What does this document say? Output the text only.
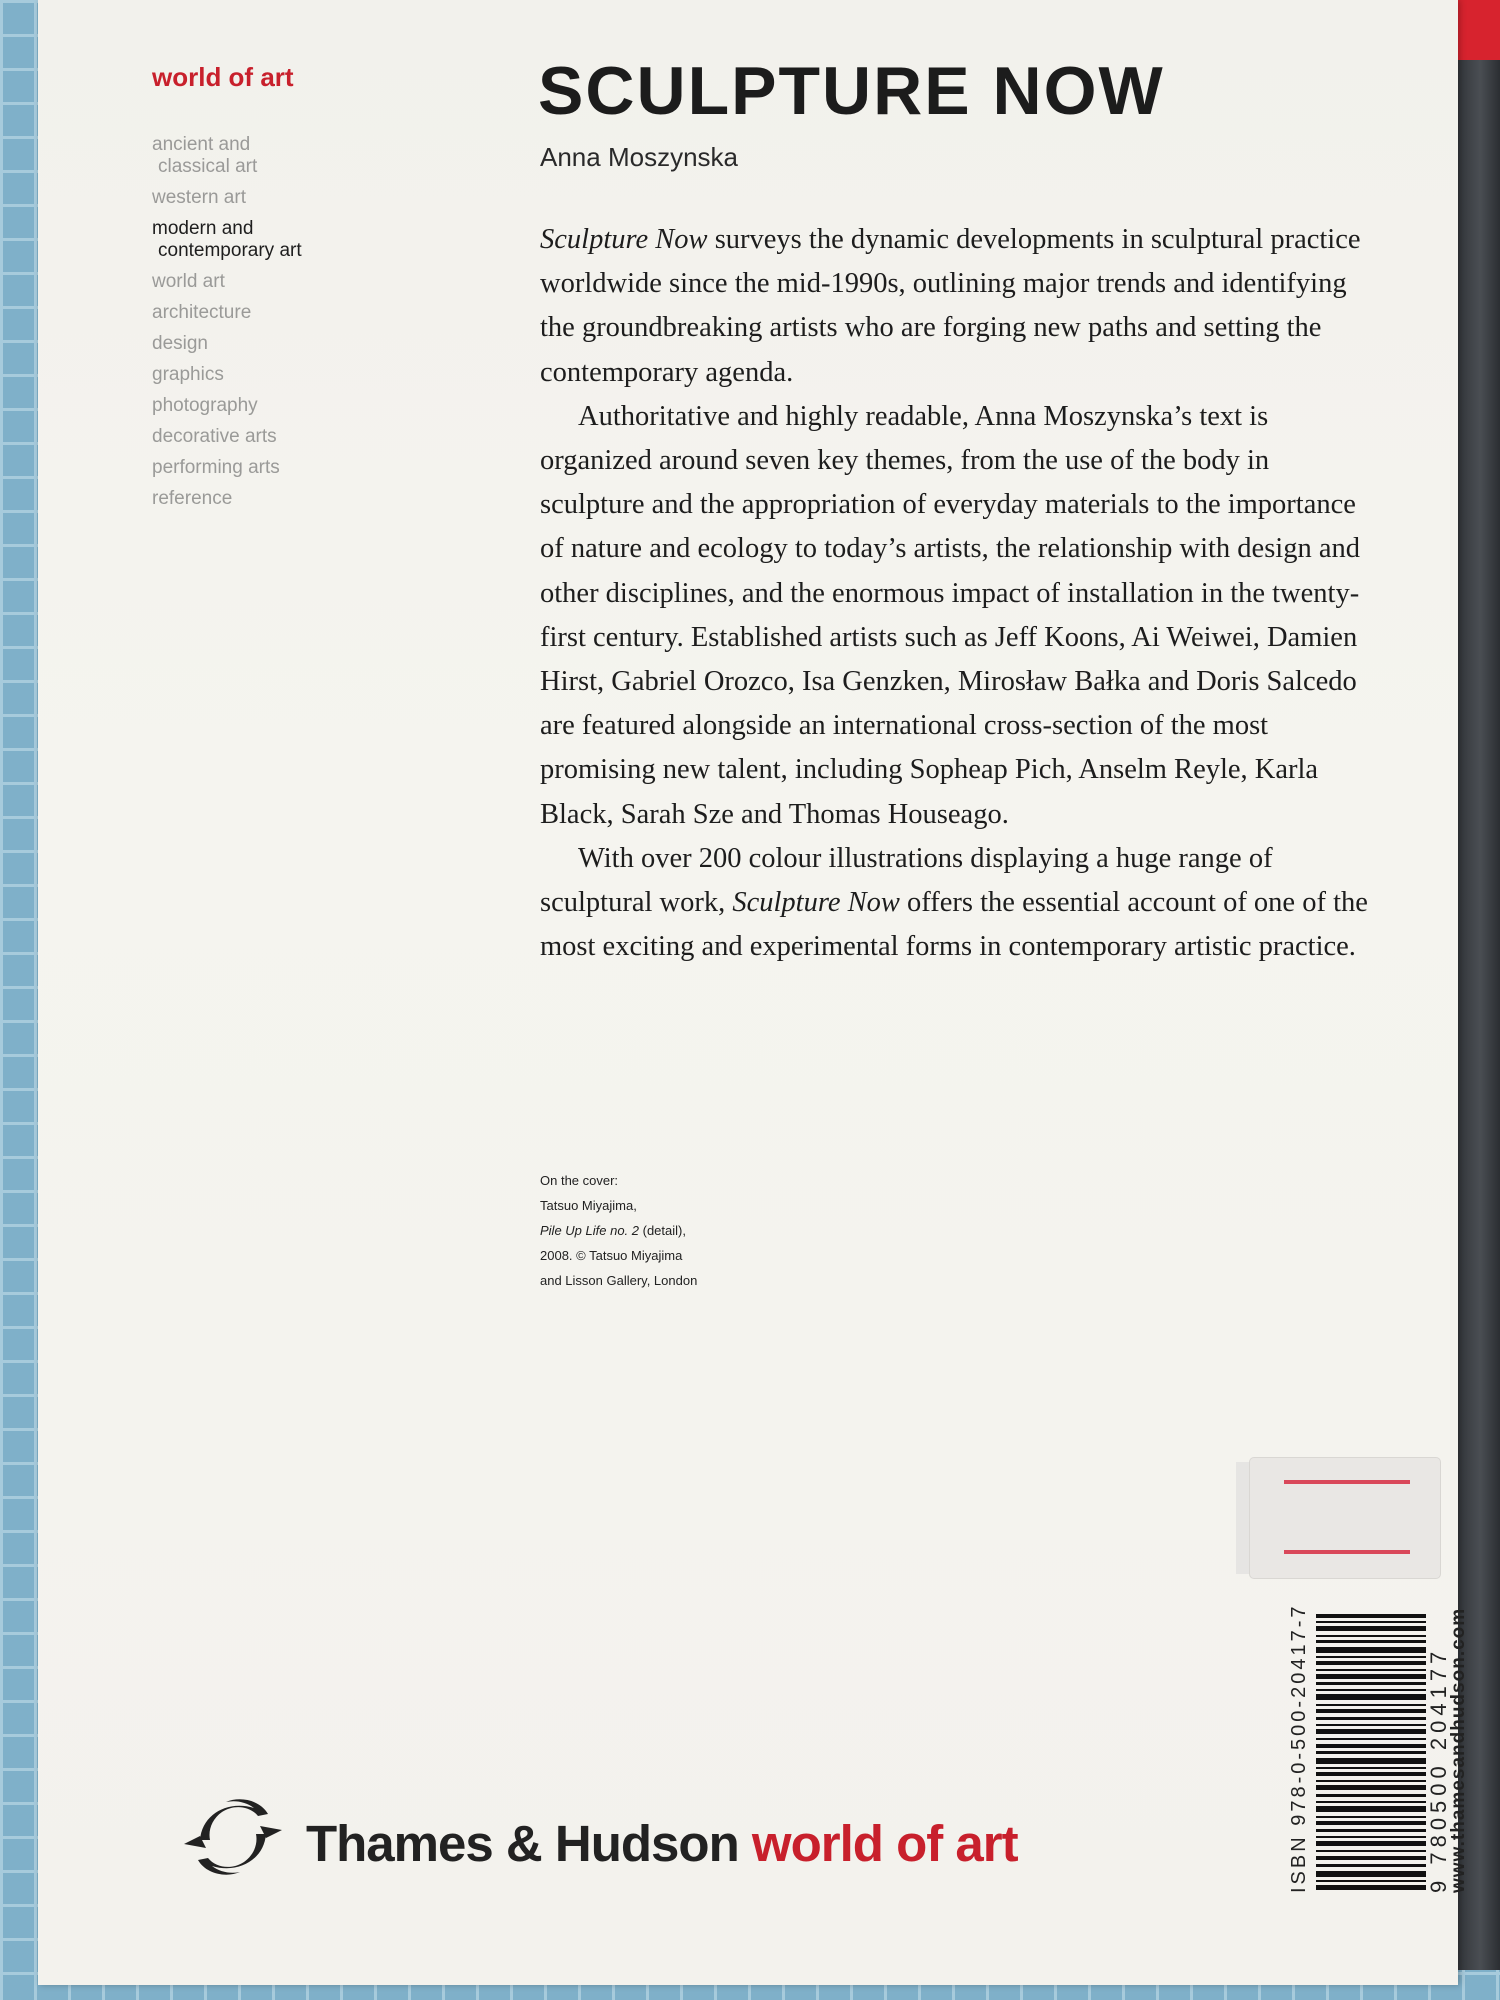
world of art
ancient and
classical art
western art
modern and
contemporary art
world art
architecture
design
graphics
photography
decorative arts
performing arts
reference
SCULPTURE NOW

Anna Moszynska

Sculpture Now surveys the dynamic developments in sculptural practice worldwide since the mid-1990s, outlining major trends and identifying the groundbreaking artists who are forging new paths and setting the contemporary agenda.

Authoritative and highly readable, Anna Moszynska’s text is organized around seven key themes, from the use of the body in sculpture and the appropriation of everyday materials to the importance of nature and ecology to today’s artists, the relationship with design and other disciplines, and the enormous impact of installation in the twenty-first century. Established artists such as Jeff Koons, Ai Weiwei, Damien Hirst, Gabriel Orozco, Isa Genzken, Mirosław Bałka and Doris Salcedo are featured alongside an international cross-section of the most promising new talent, including Sopheap Pich, Anselm Reyle, Karla Black, Sarah Sze and Thomas Houseago.

With over 200 colour illustrations displaying a huge range of sculptural work, Sculpture Now offers the essential account of one of the most exciting and experimental forms in contemporary artistic practice.

On the cover:
Tatsuo Miyajima,
Pile Up Life no. 2 (detail),
2008. © Tatsuo Miyajima
and Lisson Gallery, London
Thames & Hudson world of art	ISBN 978-0-500-20417-7	9 780500 204177
www.thamesandhudson.com
